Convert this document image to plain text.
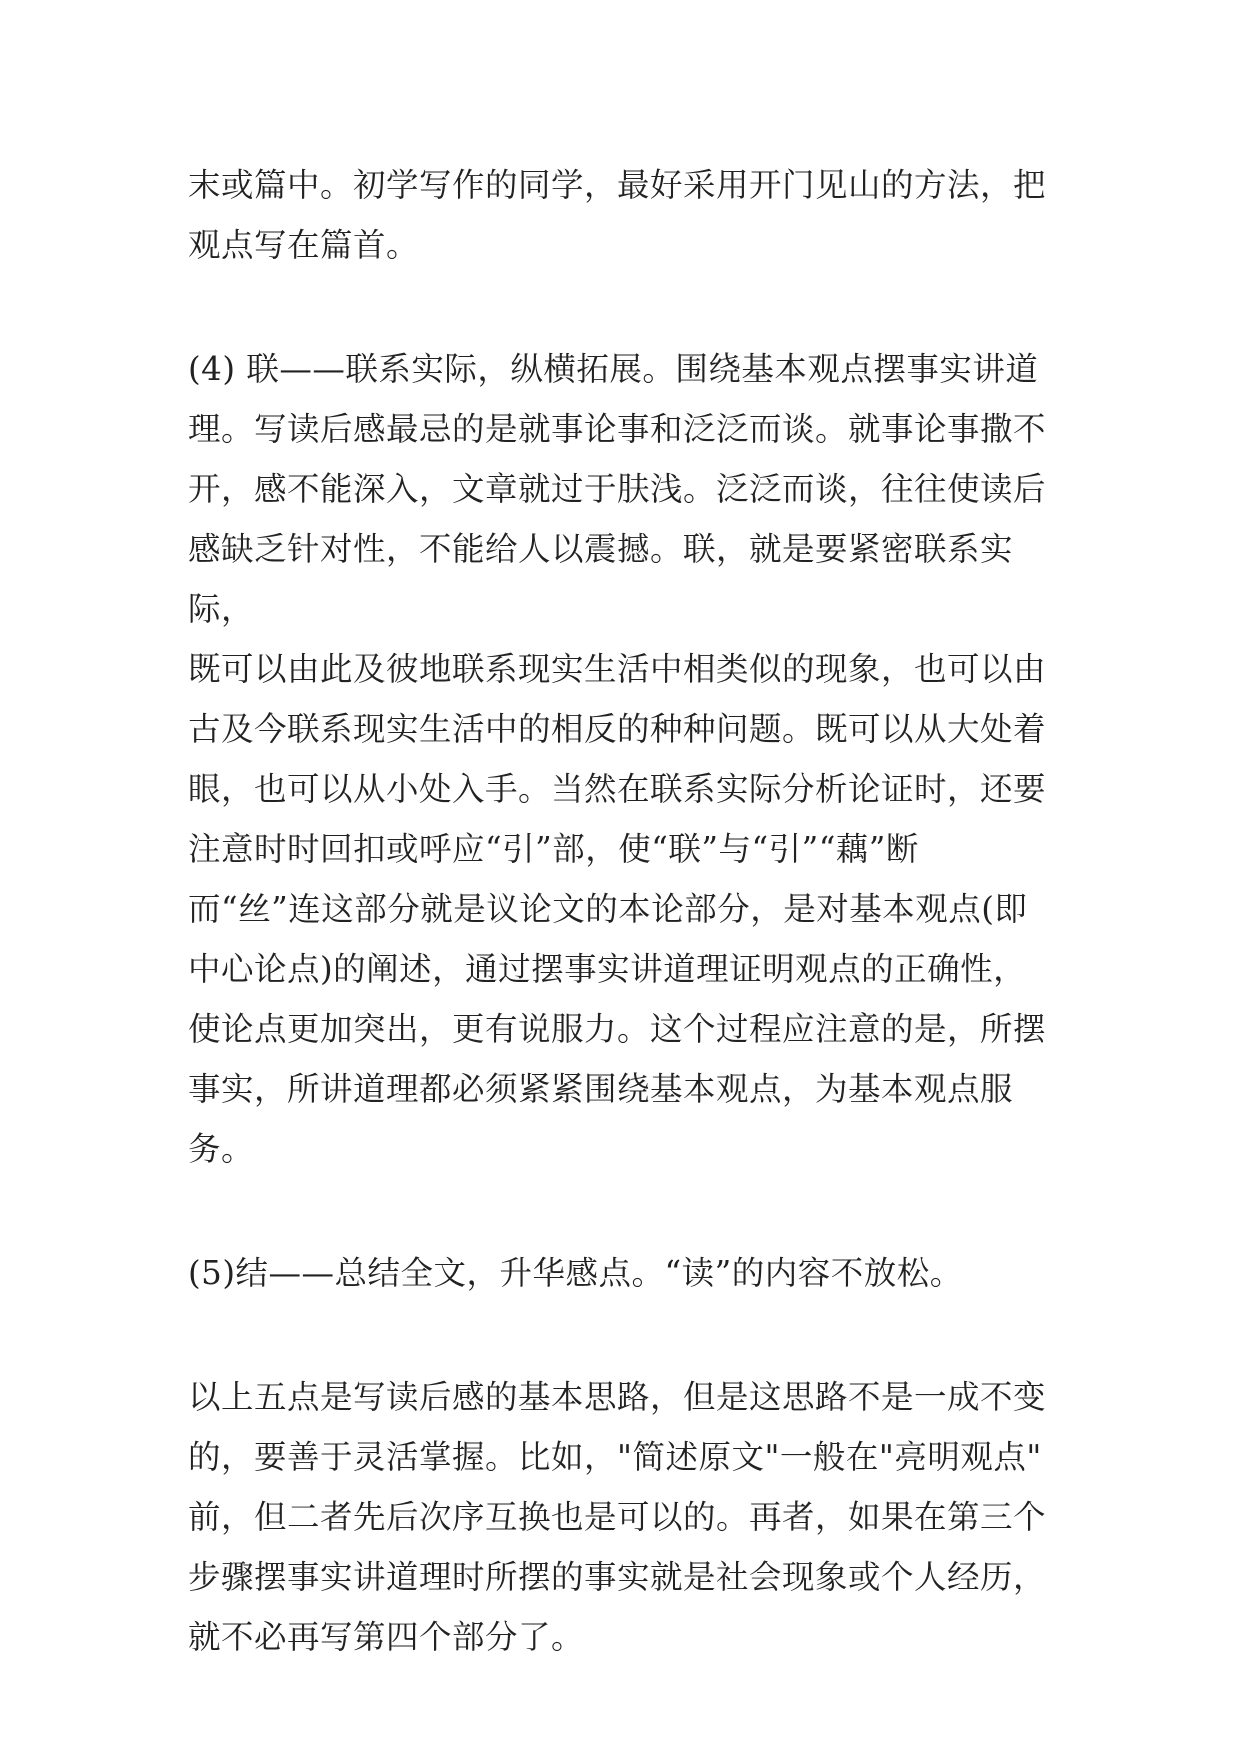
末或篇中。初学写作的同学，最好采用开门见山的方法，把
观点写在篇首。

(4) 联——联系实际，纵横拓展。围绕基本观点摆事实讲道
理。写读后感最忌的是就事论事和泛泛而谈。就事论事撒不
开，感不能深入，文章就过于肤浅。泛泛而谈，往往使读后
感缺乏针对性，不能给人以震撼。联，就是要紧密联系实际，
既可以由此及彼地联系现实生活中相类似的现象，也可以由
古及今联系现实生活中的相反的种种问题。既可以从大处着
眼，也可以从小处入手。当然在联系实际分析论证时，还要
注意时时回扣或呼应“引”部，使“联”与“引”“藕”断
而“丝”连这部分就是议论文的本论部分，是对基本观点(即
中心论点)的阐述，通过摆事实讲道理证明观点的正确性，
使论点更加突出，更有说服力。这个过程应注意的是，所摆
事实，所讲道理都必须紧紧围绕基本观点，为基本观点服务。

(5)结——总结全文，升华感点。“读”的内容不放松。

以上五点是写读后感的基本思路，但是这思路不是一成不变
的，要善于灵活掌握。比如，"简述原文"一般在"亮明观点"
前，但二者先后次序互换也是可以的。再者，如果在第三个
步骤摆事实讲道理时所摆的事实就是社会现象或个人经历，
就不必再写第四个部分了。
